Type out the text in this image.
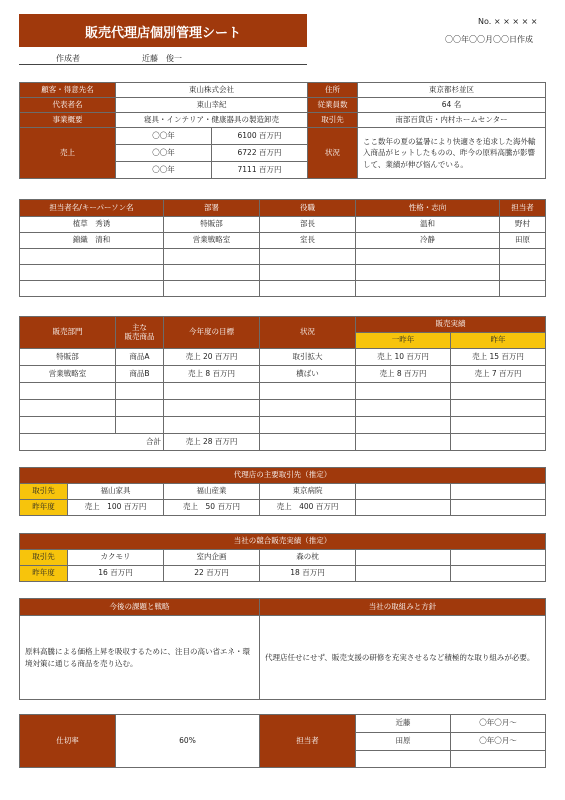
販売代理店個別管理シート
No. × × × × ×
〇〇年〇〇月〇〇日作成
作成者	近藤　俊一
顧客・得意先名	東山株式会社		住所	東京都杉並区
代表者名	東山幸紀		従業員数	64 名
事業概要	寝具・インテリア・健康器具の製造卸売		取引先	南部百貨店・内村ホームセンター
売上	〇〇年	6100 百万円	状況	ここ数年の夏の猛暑により快適さを追求した海外輸入商品がヒットしたものの、昨今の原料高騰が影響して、業績が伸び悩んでいる。
	〇〇年	6722 百万円		
	〇〇年	7111 百万円		
担当者名/キーパーソン名	部署	役職	性格・志向	担当者
植草　秀诱	特販部	部長	温和	野村
錦織　清和	営業戦略室	室長	冷静	田原

販売部門	主な
販売商品	今年度の目標	状況	販売実績	
				一昨年	昨年
特販部	商品A	売上 20 百万円	取引拡大	売上 10 百万円	売上 15 百万円
営業戦略室	商品B	売上 8 百万円	横ばい	売上 8 百万円	売上 7 百万円

合計		売上 28 百万円			
代理店の主要取引先（推定）					
取引先	福山家具	福山産業	東京病院		
昨年度	売上　100 百万円	売上　50 百万円	売上　400 百万円		
当社の競合販売実績（推定）					
取引先	カクモリ	室内企画	森の枕		
昨年度	16 百万円	22 百万円	18 百万円		
今後の課題と戦略	当社の取組みと方針
原料高騰による価格上昇を吸収するために、注目の高い省エネ・環境対策に通じる商品を売り込む。	代理店任せにせず、販売支援の研修を充実させるなど積極的な取り組みが必要。
仕切率	60%	担当者	近藤	〇年〇月〜
			田原	〇年〇月〜
